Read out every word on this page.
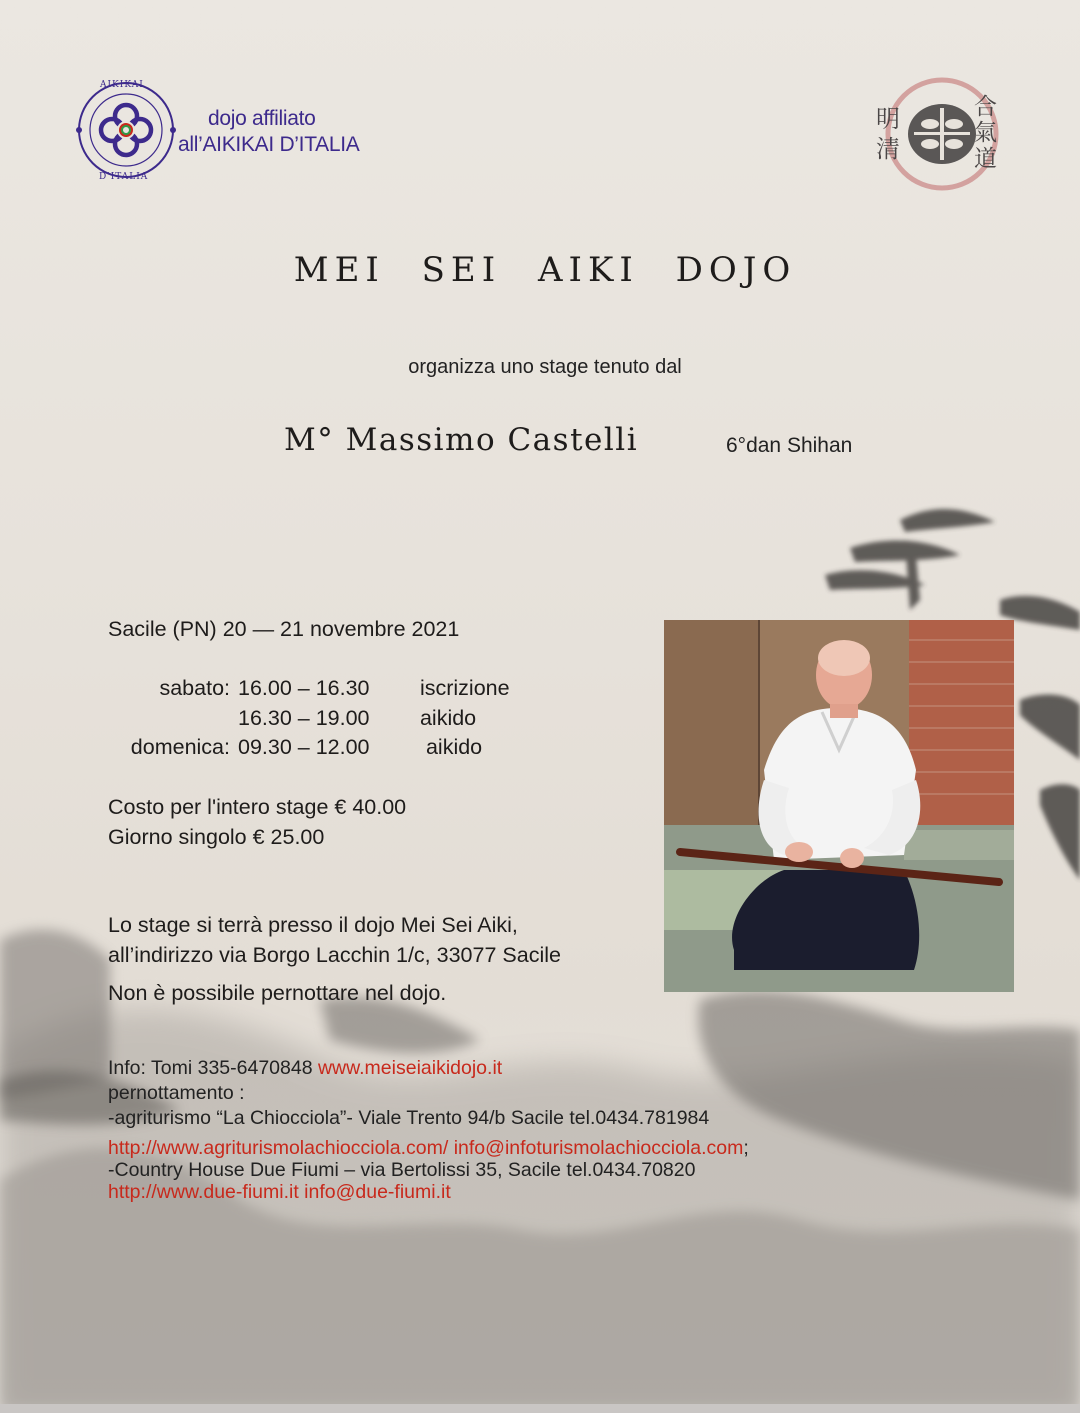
AIKIKAI
D'ITALIA
dojo affiliato
all’AIKIKAI D’ITALIA
明清
合氣道
MEI SEI AIKI DOJO
organizza uno stage tenuto dal
M° Massimo Castelli	6°dan Shihan
Sacile (PN) 20 — 21 novembre 2021
sabato: 16.00 – 16.30 iscrizione
16.30 – 19.00 aikido
domenica: 09.30 – 12.00	aikido
Costo per l'intero stage € 40.00
Giorno singolo € 25.00
Lo stage si terrà presso il dojo Mei Sei Aiki,
all’indirizzo via Borgo Lacchin 1/c, 33077 Sacile
Non è possibile pernottare nel dojo.
Info: Tomi 335-6470848 www.meiseiaikidojo.it
pernottamento :
-agriturismo “La Chiocciola”- Viale Trento 94/b Sacile tel.0434.781984
http://www.agriturismolachiocciola.com/ info@infoturismolachiocciola.com;
-Country House Due Fiumi – via Bertolissi 35, Sacile tel.0434.70820
http://www.due-fiumi.it info@due-fiumi.it
